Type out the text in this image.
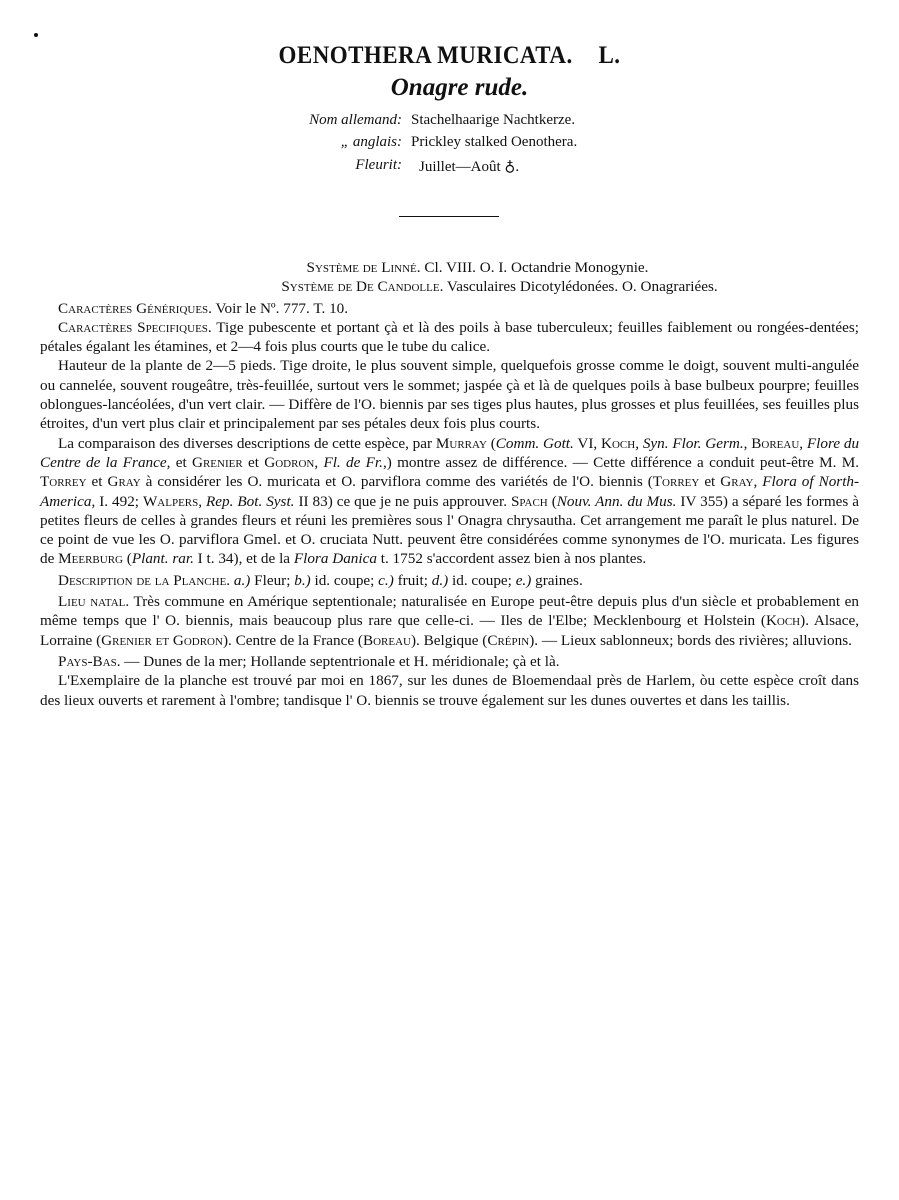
OENOTHERA MURICATA. L.
Onagre rude.
Nom allemand: Stachelhaarige Nachtkerze.
„ anglais: Prickley stalked Oenothera.
Fleurit: Juillet—Août ♁.

Système de Linné. Cl. VIII. O. I. Octandrie Monogynie.

Système de De Candolle. Vasculaires Dicotylédonées. O. Onagrariées.

Caractères Génériques. Voir le Nº. 777. T. 10.

Caractères Specifiques. Tige pubescente et portant çà et là des poils à base tuberculeux; feuilles faiblement ou rongées-dentées; pétales égalant les étamines, et 2—4 fois plus courts que le tube du calice.

Hauteur de la plante de 2—5 pieds. Tige droite, le plus souvent simple, quelquefois grosse comme le doigt, souvent multi-angulée ou cannelée, souvent rougeâtre, très-feuillée, surtout vers le sommet; jaspée çà et là de quelques poils à base bulbeux pourpre; feuilles oblongues-lancéolées, d'un vert clair. — Diffère de l'O. biennis par ses tiges plus hautes, plus grosses et plus feuillées, ses feuilles plus étroites, d'un vert plus clair et principalement par ses pétales deux fois plus courts.

La comparaison des diverses descriptions de cette espèce, par Murray (Comm. Gott. VI, Koch, Syn. Flor. Germ., Boreau, Flore du Centre de la France, et Grenier et Godron, Fl. de Fr.,) montre assez de différence. — Cette différence a conduit peut-être M. M. Torrey et Gray à considérer les O. muricata et O. parviflora comme des variétés de l'O. biennis (Torrey et Gray, Flora of North-America, I. 492; Walpers, Rep. Bot. Syst. II 83) ce que je ne puis approuver. Spach (Nouv. Ann. du Mus. IV 355) a séparé les formes à petites fleurs de celles à grandes fleurs et réuni les premières sous l' Onagra chrysautha. Cet arrangement me paraît le plus naturel. De ce point de vue les O. parviflora Gmel. et O. cruciata Nutt. peuvent être considérées comme synonymes de l'O. muricata. Les figures de Meerburg (Plant. rar. I t. 34), et de la Flora Danica t. 1752 s'accordent assez bien à nos plantes.

Description de la Planche. a.) Fleur; b.) id. coupe; c.) fruit; d.) id. coupe; e.) graines.

Lieu natal. Très commune en Amérique septentionale; naturalisée en Europe peut-être depuis plus d'un siècle et probablement en même temps que l' O. biennis, mais beaucoup plus rare que celle-ci. — Iles de l'Elbe; Mecklenbourg et Holstein (Koch). Alsace, Lorraine (Grenier et Godron). Centre de la France (Boreau). Belgique (Crépin). — Lieux sablonneux; bords des rivières; alluvions.

Pays-Bas. — Dunes de la mer; Hollande septentrionale et H. méridionale; çà et là.

L'Exemplaire de la planche est trouvé par moi en 1867, sur les dunes de Bloemendaal près de Harlem, òu cette espèce croît dans des lieux ouverts et rarement à l'ombre; tandisque l' O. biennis se trouve également sur les dunes ouvertes et dans les taillis.
